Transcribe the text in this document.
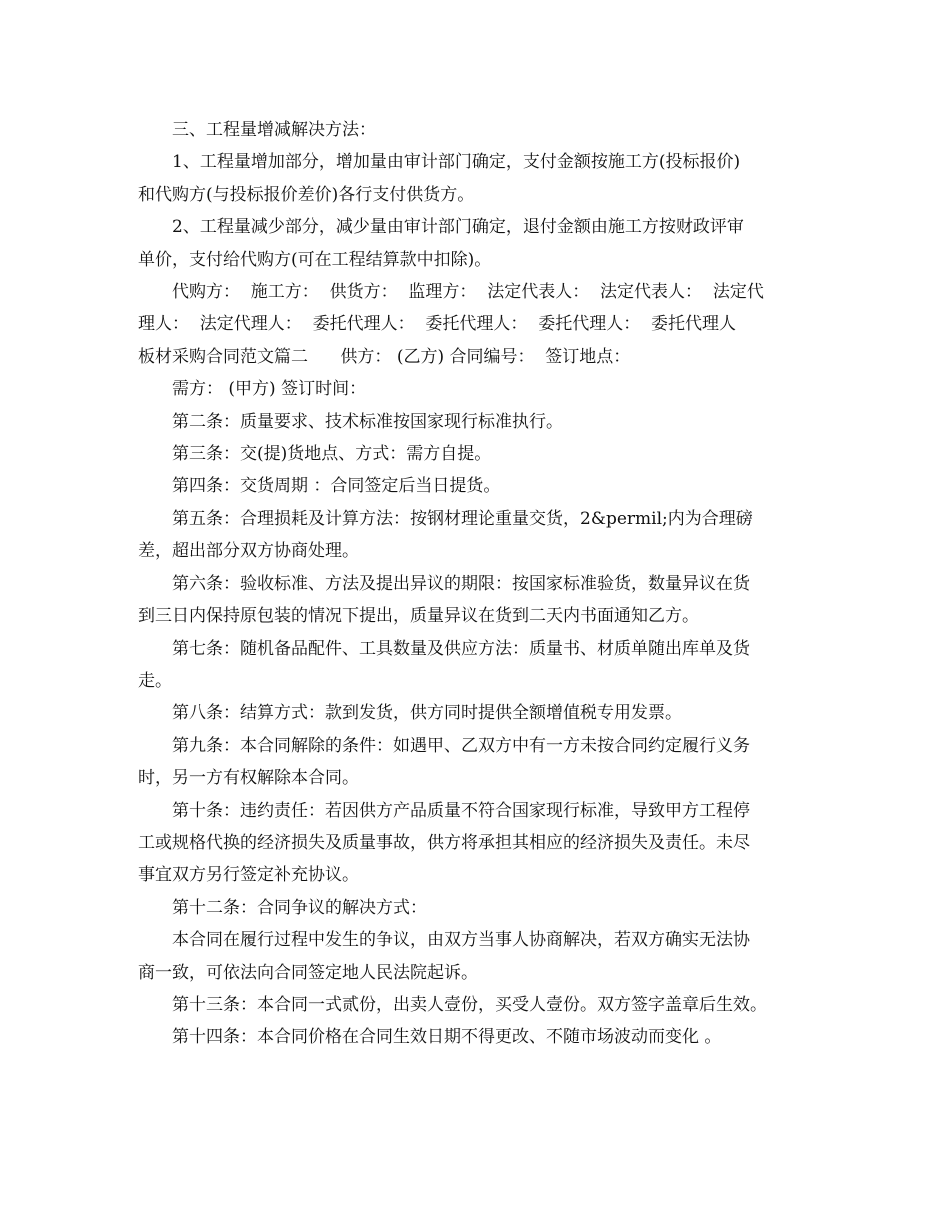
三、工程量增减解决方法：

1、工程量增加部分，增加量由审计部门确定，支付金额按施工方(投标报价)

和代购方(与投标报价差价)各行支付供货方。

2、工程量减少部分，减少量由审计部门确定，退付金额由施工方按财政评审

单价，支付给代购方(可在工程结算款中扣除)。

代购方：  施工方：  供货方：  监理方：  法定代表人：  法定代表人：  法定代

理人：  法定代理人：  委托代理人：  委托代理人：  委托代理人：  委托代理人

板材采购合同范文篇二      供方： (乙方) 合同编号：  签订地点：

需方： (甲方) 签订时间：

第二条：质量要求、技术标准按国家现行标准执行。

第三条：交(提)货地点、方式：需方自提。

第四条：交货周期 ：合同签定后当日提货。

第五条：合理损耗及计算方法：按钢材理论重量交货，2&permil;内为合理磅

差，超出部分双方协商处理。

第六条：验收标准、方法及提出异议的期限：按国家标准验货，数量异议在货

到三日内保持原包装的情况下提出，质量异议在货到二天内书面通知乙方。

第七条：随机备品配件、工具数量及供应方法：质量书、材质单随出库单及货

走。

第八条：结算方式：款到发货，供方同时提供全额增值税专用发票。

第九条：本合同解除的条件：如遇甲、乙双方中有一方未按合同约定履行义务

时，另一方有权解除本合同。

第十条：违约责任：若因供方产品质量不符合国家现行标准，导致甲方工程停

工或规格代换的经济损失及质量事故，供方将承担其相应的经济损失及责任。未尽

事宜双方另行签定补充协议。

第十二条：合同争议的解决方式：

本合同在履行过程中发生的争议，由双方当事人协商解决，若双方确实无法协

商一致，可依法向合同签定地人民法院起诉。

第十三条：本合同一式贰份，出卖人壹份，买受人壹份。双方签字盖章后生效。

第十四条：本合同价格在合同生效日期不得更改、不随市场波动而变化 。
